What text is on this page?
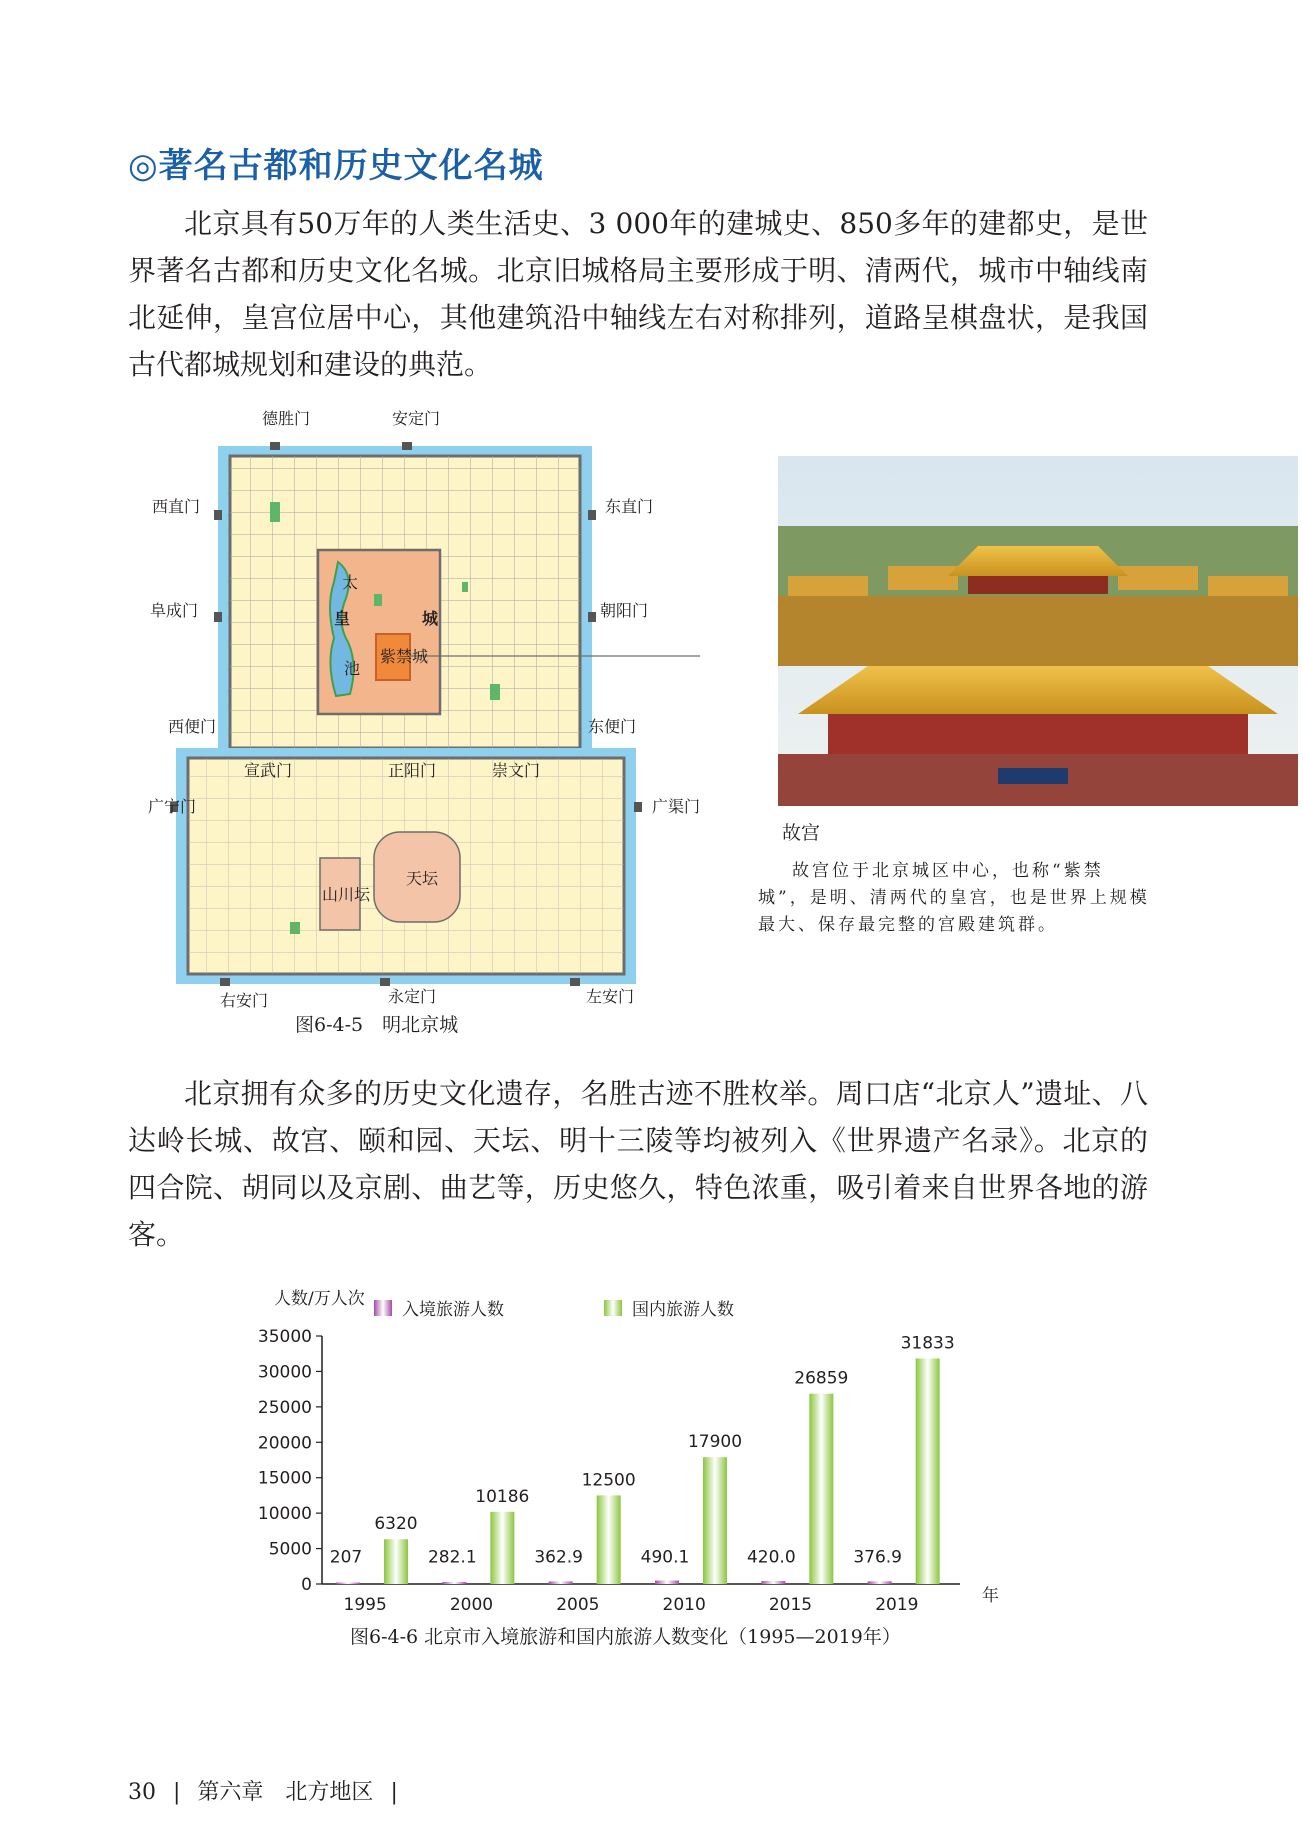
◎著名古都和历史文化名城

北京具有50万年的人类生活史、3 000年的建城史、850多年的建都史，是世界著名古都和历史文化名城。北京旧城格局主要形成于明、清两代，城市中轴线南北延伸，皇宫位居中心，其他建筑沿中轴线左右对称排列，道路呈棋盘状，是我国古代都城规划和建设的典范。

德胜门	安定门
西直门	东直门
阜成门	朝阳门
西便门	东便门
宣武门	正阳门	崇文门
广宁门	广渠门
右安门	永定门	左安门
皇	城
太
池
紫禁城
山川坛
天坛
图6-4-5　明北京城
故宫

故宫位于北京城区中心，也称“紫禁城”，是明、清两代的皇宫，也是世界上规模最大、保存最完整的宫殿建筑群。

北京拥有众多的历史文化遗存，名胜古迹不胜枚举。周口店“北京人”遗址、八达岭长城、故宫、颐和园、天坛、明十三陵等均被列入《世界遗产名录》。北京的四合院、胡同以及京剧、曲艺等，历史悠久，特色浓重，吸引着来自世界各地的游客。

人数/万人次
0
5000
10000
15000
20000
25000
30000
35000
1995	2000	2005	2010	2015	2019
207
6320
282.1
10186
362.9
12500
490.1
17900
420.0
26859
376.9
31833
入境旅游人数	国内旅游人数
年
图6-4-6 北京市入境旅游和国内旅游人数变化（1995—2019年）
30 | 第六章　北方地区 |
